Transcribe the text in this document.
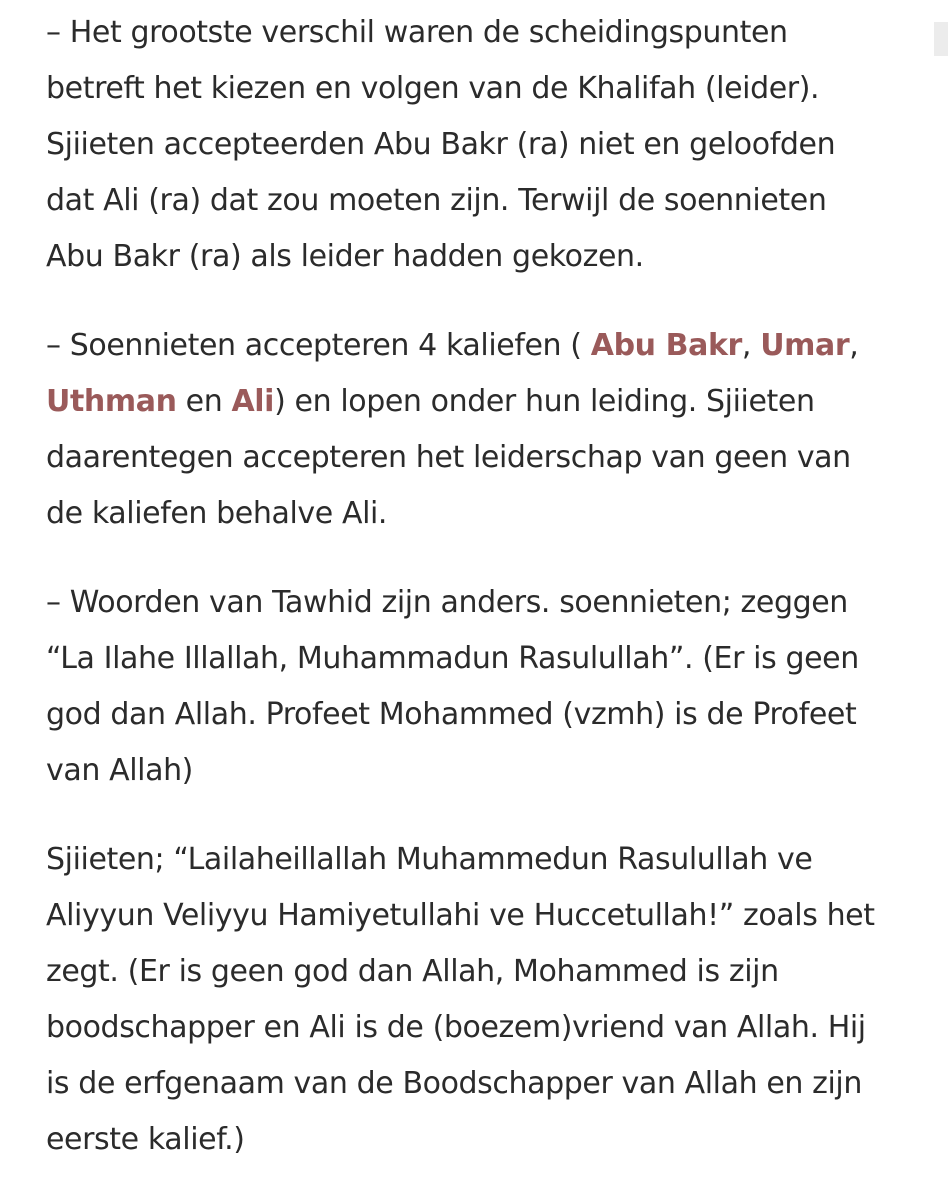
– Het grootste verschil waren de scheidingspunten
betreft het kiezen en volgen van de Khalifah (leider).
Sjiieten accepteerden Abu Bakr (ra) niet en geloofden
dat Ali (ra) dat zou moeten zijn. Terwijl de soennieten
Abu Bakr (ra) als leider hadden gekozen.

– Soennieten accepteren 4 kaliefen ( Abu Bakr, Umar,
Uthman en Ali) en lopen onder hun leiding. Sjiieten
daarentegen accepteren het leiderschap van geen van
de kaliefen behalve Ali.

– Woorden van Tawhid zijn anders. soennieten; zeggen
“La Ilahe Illallah, Muhammadun Rasulullah”. (Er is geen
god dan Allah. Profeet Mohammed (vzmh) is de Profeet
van Allah)

Sjiieten; “Lailaheillallah Muhammedun Rasulullah ve
Aliyyun Veliyyu Hamiyetullahi ve Huccetullah!” zoals het
zegt. (Er is geen god dan Allah, Mohammed is zijn
boodschapper en Ali is de (boezem)vriend van Allah. Hij
is de erfgenaam van de Boodschapper van Allah en zijn
eerste kalief.)
